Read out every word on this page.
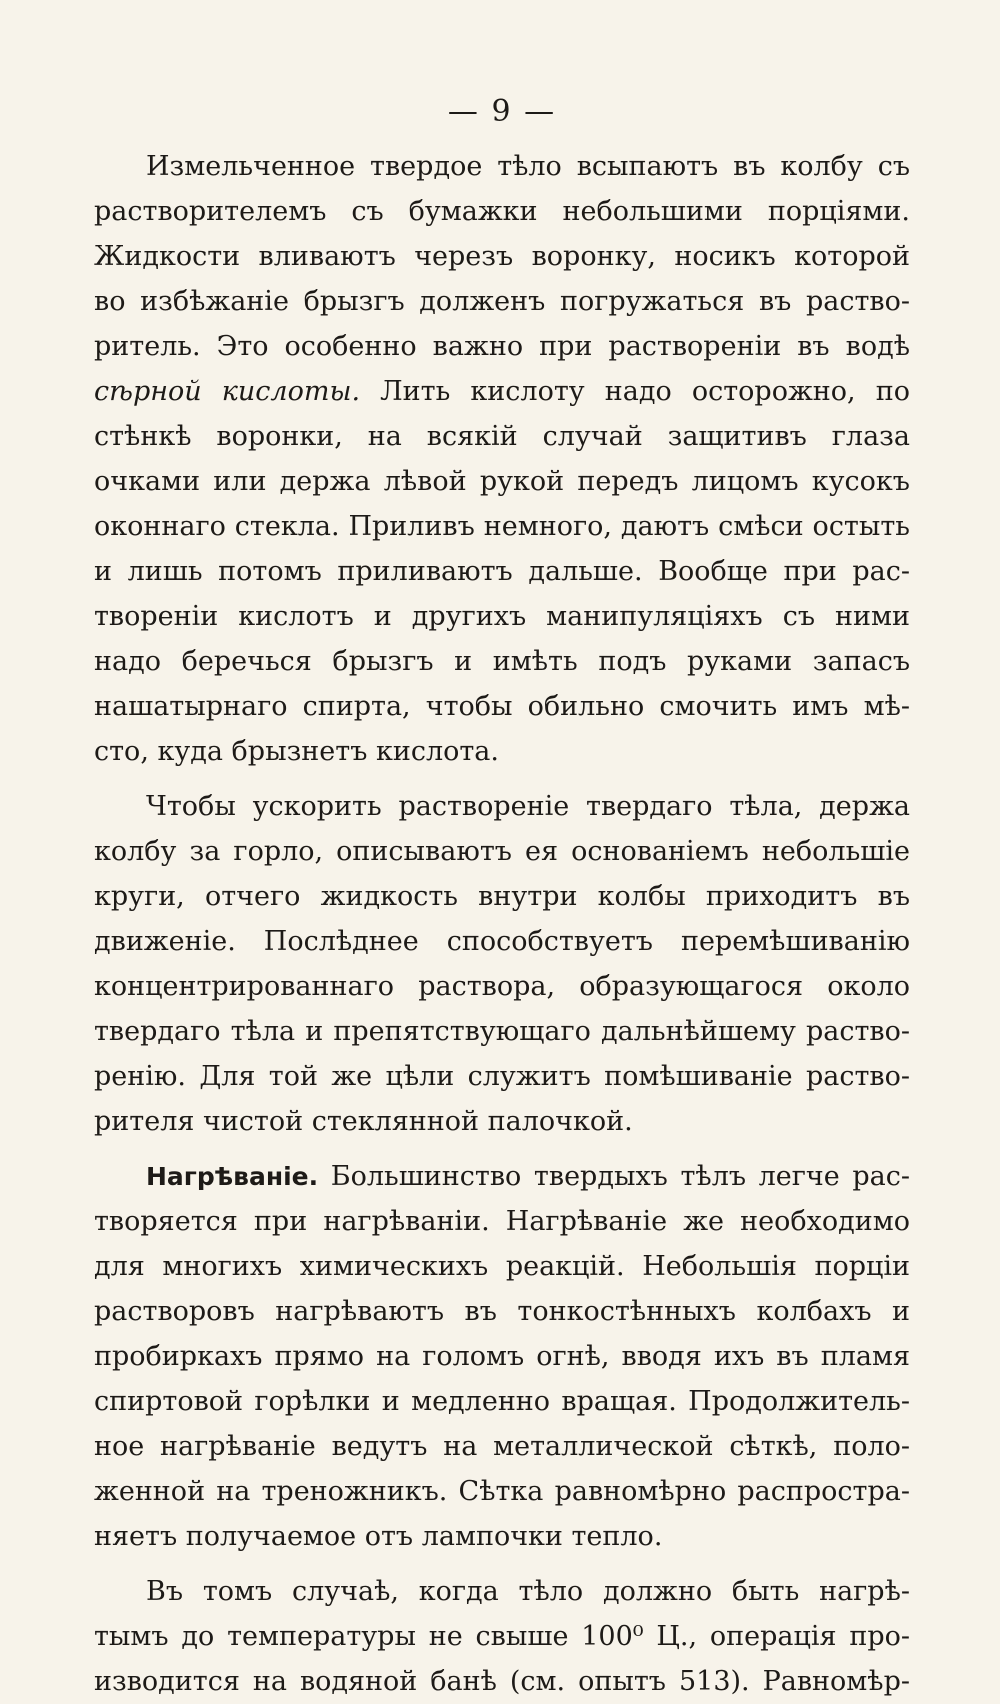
— 9 —
Измельченное твердое тѣло всыпаютъ въ колбу съ
растворителемъ съ бумажки небольшими порціями.
Жидкости вливаютъ черезъ воронку, носикъ которой
во избѣжаніе брызгъ долженъ погружаться въ раство-
ритель. Это особенно важно при раствореніи въ водѣ
сѣрной кислоты. Лить кислоту надо осторожно, по
стѣнкѣ воронки, на всякій случай защитивъ глаза
очками или держа лѣвой рукой передъ лицомъ кусокъ
оконнаго стекла. Приливъ немного, даютъ смѣси остыть
и лишь потомъ приливаютъ дальше. Вообще при рас-
твореніи кислотъ и другихъ манипуляціяхъ съ ними
надо беречься брызгъ и имѣть подъ руками запасъ
нашатырнаго спирта, чтобы обильно смочить имъ мѣ-
сто, куда брызнетъ кислота.
Чтобы ускорить раствореніе твердаго тѣла, держа
колбу за горло, описываютъ ея основаніемъ небольшіе
круги, отчего жидкость внутри колбы приходитъ въ
движеніе. Послѣднее способствуетъ перемѣшиванію
концентрированнаго раствора, образующагося около
твердаго тѣла и препятствующаго дальнѣйшему раство-
ренію. Для той же цѣли служитъ помѣшиваніе раство-
рителя чистой стеклянной палочкой.
Нагрѣваніе. Большинство твердыхъ тѣлъ легче рас-
творяется при нагрѣваніи. Нагрѣваніе же необходимо
для многихъ химическихъ реакцій. Небольшія порціи
растворовъ нагрѣваютъ въ тонкостѣнныхъ колбахъ и
пробиркахъ прямо на голомъ огнѣ, вводя ихъ въ пламя
спиртовой горѣлки и медленно вращая. Продолжитель-
ное нагрѣваніе ведутъ на металлической сѣткѣ, поло-
женной на треножникъ. Сѣтка равномѣрно распростра-
няетъ получаемое отъ лампочки тепло.
Въ томъ случаѣ, когда тѣло должно быть нагрѣ-
тымъ до температуры не свыше 100⁰ Ц., операція про-
изводится на водяной банѣ (см. опытъ 513). Равномѣр-
